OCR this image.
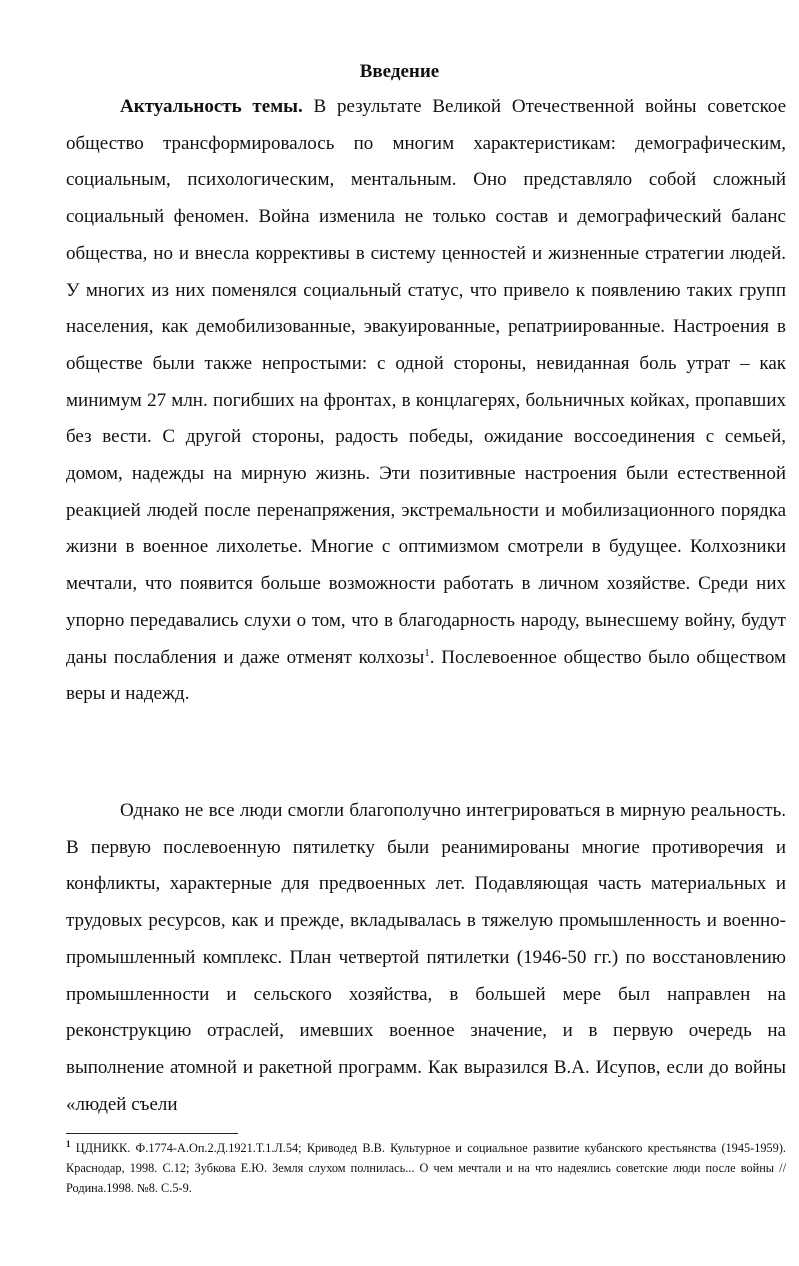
Введение

Актуальность темы. В результате Великой Отечественной войны советское общество трансформировалось по многим характеристикам: демографическим, социальным, психологическим, ментальным. Оно представляло собой сложный социальный феномен. Война изменила не только состав и демографический баланс общества, но и внесла коррективы в систему ценностей и жизненные стратегии людей. У многих из них поменялся социальный статус, что привело к появлению таких групп населения, как демобилизованные, эвакуированные, репатриированные. Настроения в обществе были также непростыми: с одной стороны, невиданная боль утрат – как минимум 27 млн. погибших на фронтах, в концлагерях, больничных койках, пропавших без вести. С другой стороны, радость победы, ожидание воссоединения с семьей, домом, надежды на мирную жизнь. Эти позитивные настроения были естественной реакцией людей после перенапряжения, экстремальности и мобилизационного порядка жизни в военное лихолетье. Многие с оптимизмом смотрели в будущее. Колхозники мечтали, что появится больше возможности работать в личном хозяйстве. Среди них упорно передавались слухи о том, что в благодарность народу, вынесшему войну, будут даны послабления и даже отменят колхозы$^1$. Послевоенное общество было обществом веры и надежд.

Однако не все люди смогли благополучно интегрироваться в мирную реальность. В первую послевоенную пятилетку были реанимированы многие противоречия и конфликты, характерные для предвоенных лет. Подавляющая часть материальных и трудовых ресурсов, как и прежде, вкладывалась в тяжелую промышленность и военно-промышленный комплекс. План четвертой пятилетки (1946-50 гг.) по восстановлению промышленности и сельского хозяйства, в большей мере был направлен на реконструкцию отраслей, имевших военное значение, и в первую очередь на выполнение атомной и ракетной программ. Как выразился В.А. Исупов, если до войны «людей съели

$^1$ ЦДНИКК. Ф.1774-А.Оп.2.Д.1921.Т.1.Л.54; Криводед В.В. Культурное и социальное развитие кубанского крестьянства (1945-1959). Краснодар, 1998. С.12; Зубкова Е.Ю. Земля слухом полнилась... О чем мечтали и на что надеялись советские люди после войны // Родина.1998. №8. С.5-9.
